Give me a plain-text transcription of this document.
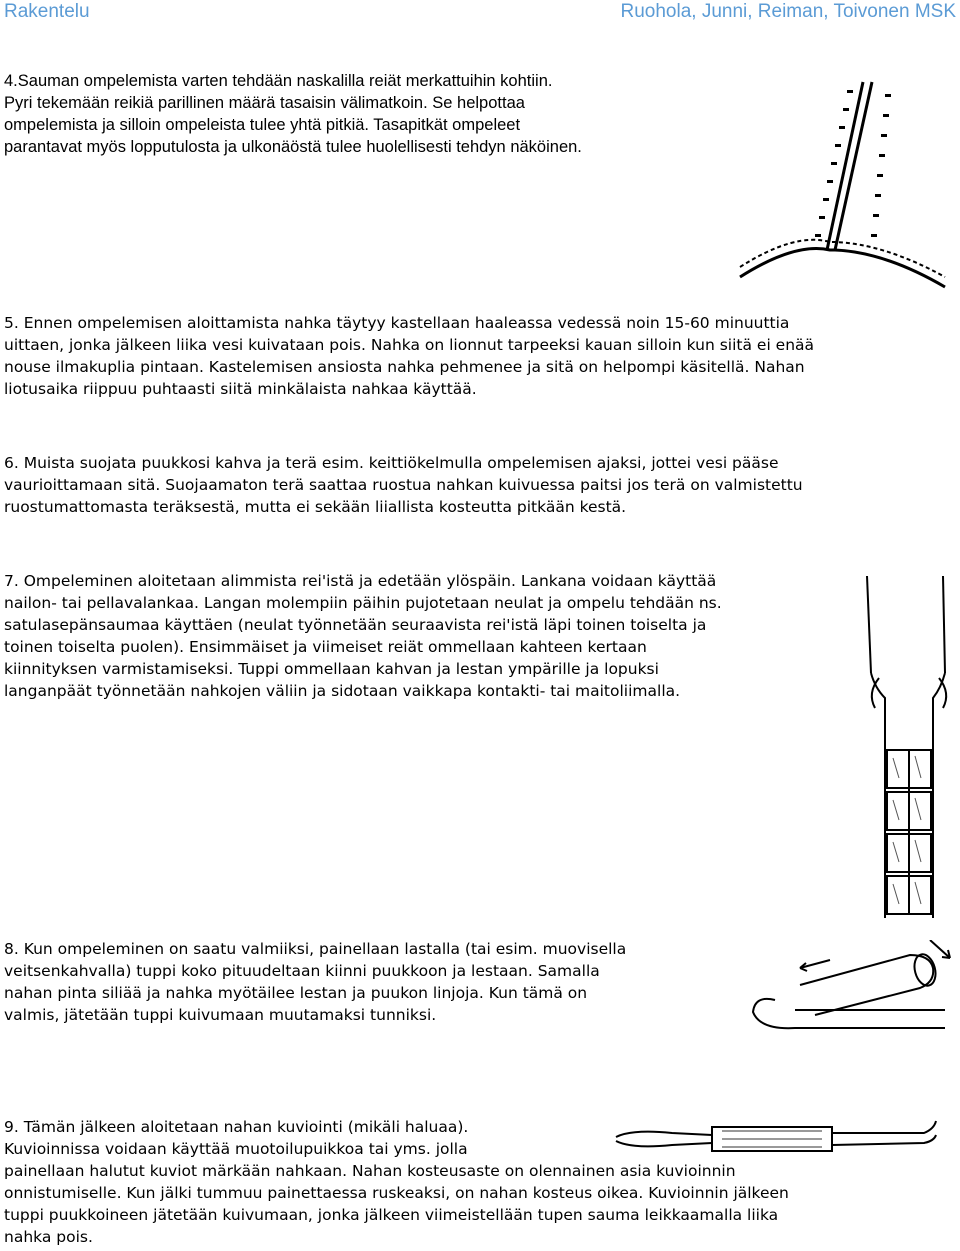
Rakentelu	Ruohola, Junni, Reiman, Toivonen MSK

4.Sauman ompelemista varten tehdään naskalilla reiät merkattuihin kohtiin.
Pyri tekemään reikiä parillinen määrä tasaisin välimatkoin. Se helpottaa
ompelemista ja silloin ompeleista tulee yhtä pitkiä. Tasapitkät ompeleet
parantavat myös lopputulosta ja ulkonäöstä tulee huolellisesti tehdyn näköinen.

5. Ennen ompelemisen aloittamista nahka täytyy kastellaan haaleassa vedessä noin 15-60 minuuttia
uittaen, jonka jälkeen liika vesi kuivataan pois. Nahka on lionnut tarpeeksi kauan silloin kun siitä ei enää
nouse ilmakuplia pintaan. Kastelemisen ansiosta nahka pehmenee ja sitä on helpompi käsitellä. Nahan
liotusaika riippuu puhtaasti siitä minkälaista nahkaa käyttää.

6. Muista suojata puukkosi kahva ja terä esim. keittiökelmulla ompelemisen ajaksi, jottei vesi pääse
vaurioittamaan sitä. Suojaamaton terä saattaa ruostua nahkan kuivuessa paitsi jos terä on valmistettu
ruostumattomasta teräksestä, mutta ei sekään liiallista kosteutta pitkään kestä.

7. Ompeleminen aloitetaan alimmista rei'istä ja edetään ylöspäin. Lankana voidaan käyttää
nailon- tai pellavalankaa. Langan molempiin päihin pujotetaan neulat ja ompelu tehdään ns.
satulasepänsaumaa käyttäen (neulat työnnetään seuraavista rei'istä läpi toinen toiselta ja
toinen toiselta puolen). Ensimmäiset ja viimeiset reiät ommellaan kahteen kertaan
kiinnityksen varmistamiseksi. Tuppi ommellaan kahvan ja lestan ympärille ja lopuksi
langanpäät työnnetään nahkojen väliin ja sidotaan vaikkapa kontakti- tai maitoliimalla.

8. Kun ompeleminen on saatu valmiiksi, painellaan lastalla (tai esim. muovisella
veitsenkahvalla) tuppi koko pituudeltaan kiinni puukkoon ja lestaan. Samalla
nahan pinta siliää ja nahka myötäilee lestan ja puukon linjoja. Kun tämä on
valmis, jätetään tuppi kuivumaan muutamaksi tunniksi.

9. Tämän jälkeen aloitetaan nahan kuviointi (mikäli haluaa).
Kuvioinnissa voidaan käyttää muotoilupuikkoa tai yms. jolla

painellaan halutut kuviot märkään nahkaan. Nahan kosteusaste on olennainen asia kuvioinnin
onnistumiselle. Kun jälki tummuu painettaessa ruskeaksi, on nahan kosteus oikea. Kuvioinnin jälkeen
tuppi puukkoineen jätetään kuivumaan, jonka jälkeen viimeistellään tupen sauma leikkaamalla liika
nahka pois.
